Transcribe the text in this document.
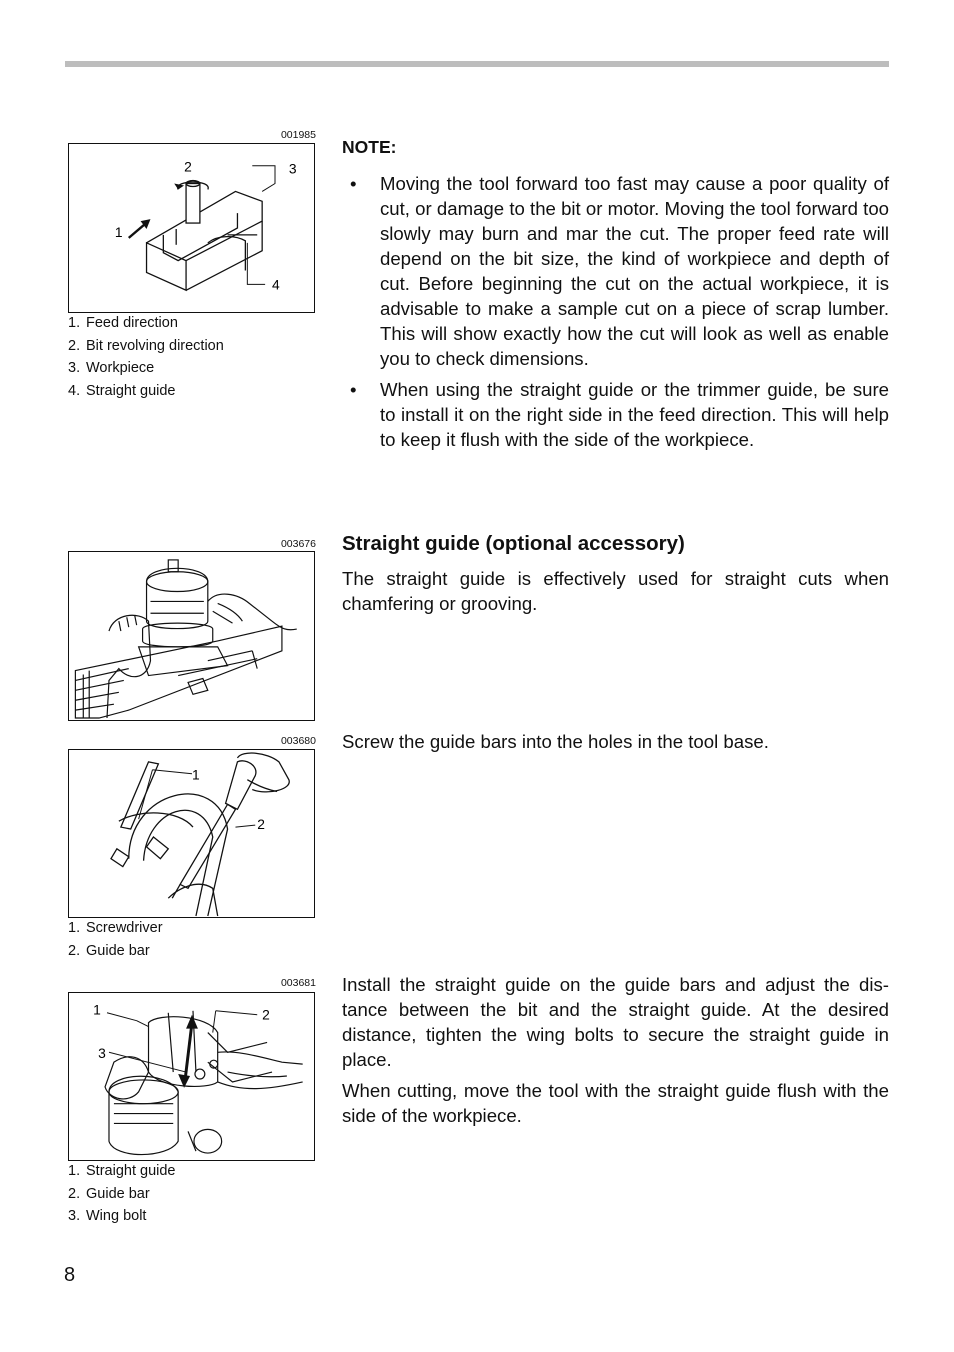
001985
2	3
1
4
1. Feed direction
2. Bit revolving direction
3. Workpiece
4. Straight guide
NOTE:
• Moving the tool forward too fast may cause a poor quality of cut, or damage to the bit or motor. Moving the tool forward too slowly may burn and mar the cut. The proper feed rate will depend on the bit size, the kind of workpiece and depth of cut. Before beginning the cut on the actual workpiece, it is advisable to make a sample cut on a piece of scrap lumber. This will show exactly how the cut will look as well as enable you to check dimensions.
• When using the straight guide or the trimmer guide, be sure to install it on the right side in the feed direction. This will help to keep it flush with the side of the workpiece.
Straight guide (optional accessory)

The straight guide is effectively used for straight cuts when chamfering or grooving.

003676
003680
1
2
1. Screwdriver
2. Guide bar

Screw the guide bars into the holes in the tool base.

003681
1	2
3
1. Straight guide
2. Guide bar
3. Wing bolt

Install the straight guide on the guide bars and adjust the dis-tance between the bit and the straight guide. At the desired distance, tighten the wing bolts to secure the straight guide in place.

When cutting, move the tool with the straight guide flush with the side of the workpiece.

8
